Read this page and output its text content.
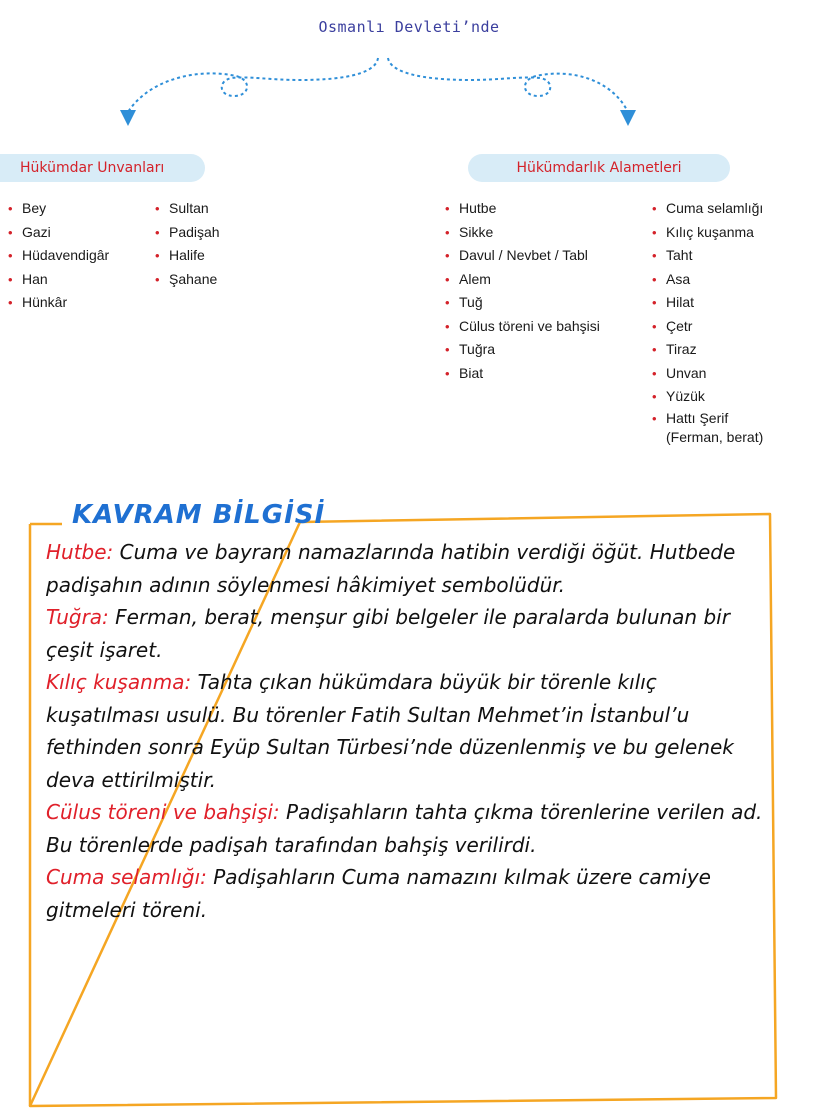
Osmanlı Devleti’nde
Hükümdar Unvanları
• Bey
• Gazi
• Hüdavendigâr
• Han
• Hünkâr
• Sultan
• Padişah
• Halife
• Şahane
Hükümdarlık Alametleri
• Hutbe
• Sikke
• Davul / Nevbet / Tabl
• Alem
• Tuğ
• Cülus töreni ve bahşisi
• Tuğra
• Biat
• Cuma selamlığı
• Kılıç kuşanma
• Taht
• Asa
• Hilat
• Çetr
• Tiraz
• Unvan
• Yüzük
• Hattı Şerif
(Ferman, berat)
KAVRAM BİLGİSİ

Hutbe: Cuma ve bayram namazlarında hatibin verdiği öğüt. Hutbede padişahın adının söylenmesi hâkimiyet sembolüdür.

Tuğra: Ferman, berat, menşur gibi belgeler ile paralarda bulunan bir çeşit işaret.

Kılıç kuşanma: Tahta çıkan hükümdara büyük bir törenle kılıç kuşatılması usulü. Bu törenler Fatih Sultan Mehmet’in İstanbul’u fethinden sonra Eyüp Sultan Türbesi’nde düzenlenmiş ve bu gelenek deva ettirilmiştir.

Cülus töreni ve bahşişi: Padişahların tahta çıkma törenlerine verilen ad. Bu törenlerde padişah tarafından bahşiş verilirdi.

Cuma selamlığı: Padişahların Cuma namazını kılmak üzere camiye gitmeleri töreni.
